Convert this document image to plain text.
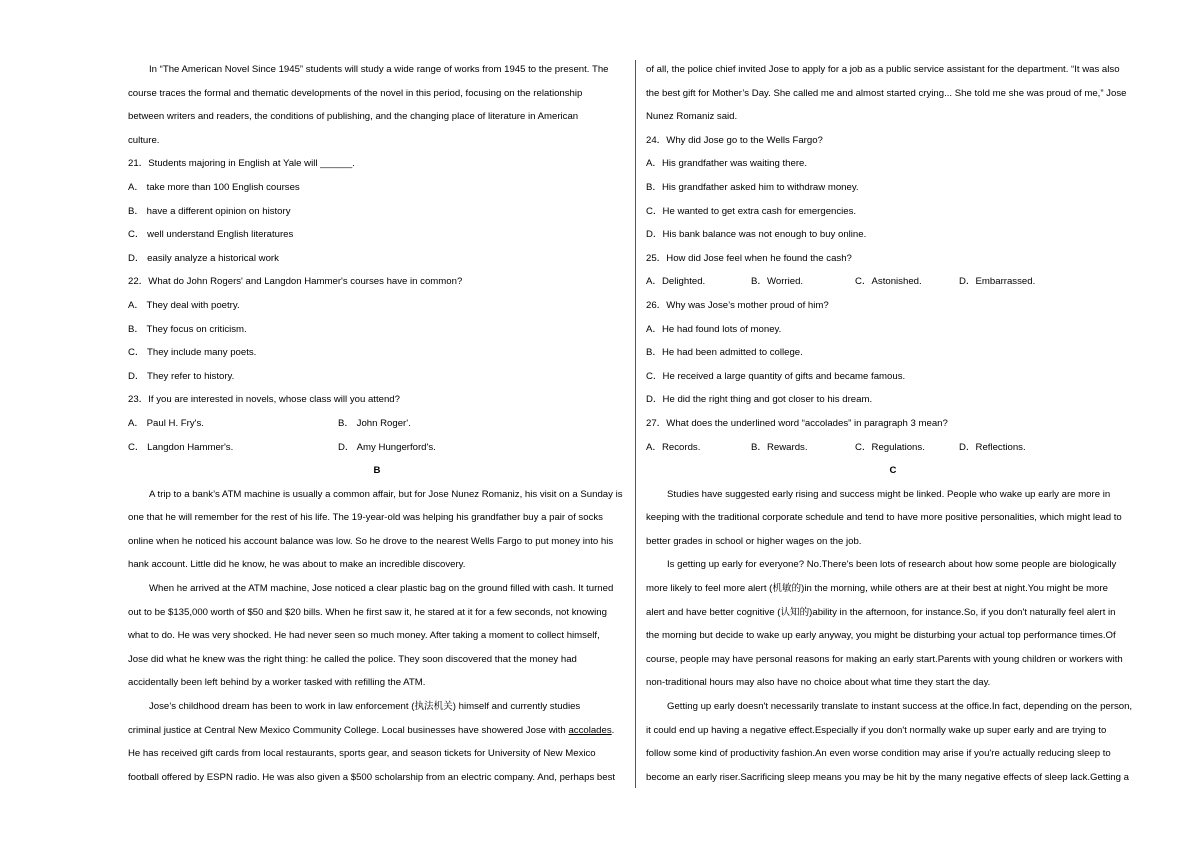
In “The American Novel Since 1945” students will study a wide range of works from 1945 to the present. The
course traces the formal and thematic developments of the novel in this period, focusing on the relationship
between writers and readers, the conditions of publishing, and the changing place of literature in American
culture.
21．Students majoring in English at Yale will ______.
A． take more than 100 English courses
B． have a different opinion on history
C． well understand English literatures
D． easily analyze a historical work
22．What do John Rogers' and Langdon Hammer's courses have in common?
A． They deal with poetry.
B． They focus on criticism.
C． They include many poets.
D． They refer to history.
23．If you are interested in novels, whose class will you attend?
A． Paul H. Fry's.	B． John Roger'.
C． Langdon Hammer's.	D． Amy Hungerford's.
B
A trip to a bank’s ATM machine is usually a common affair, but for Jose Nunez Romaniz, his visit on a Sunday is
one that he will remember for the rest of his life. The 19-year-old was helping his grandfather buy a pair of socks
online when he noticed his account balance was low. So he drove to the nearest Wells Fargo to put money into his
hank account. Little did he know, he was about to make an incredible discovery.
When he arrived at the ATM machine, Jose noticed a clear plastic bag on the ground filled with cash. It turned
out to be $135,000 worth of $50 and $20 bills. When he first saw it, he stared at it for a few seconds, not knowing
what to do. He was very shocked. He had never seen so much money. After taking a moment to collect himself,
Jose did what he knew was the right thing: he called the police. They soon discovered that the money had
accidentally been left behind by a worker tasked with refilling the ATM.
Jose’s childhood dream has been to work in law enforcement (执法机关) himself and currently studies
criminal justice at Central New Mexico Community College. Local businesses have showered Jose with accolades.
He has received gift cards from local restaurants, sports gear, and season tickets for University of New Mexico
football offered by ESPN radio. He was also given a $500 scholarship from an electric company. And, perhaps best
of all, the police chief invited Jose to apply for a job as a public service assistant for the department. “It was also
the best gift for Mother’s Day. She called me and almost started crying... She told me she was proud of me,” Jose
Nunez Romaniz said.
24．Why did Jose go to the Wells Fargo?
A．His grandfather was waiting there.
B．His grandfather asked him to withdraw money.
C．He wanted to get extra cash for emergencies.
D．His bank balance was not enough to buy online.
25．How did Jose feel when he found the cash?
A．Delighted.	B．Worried.	C．Astonished.	D．Embarrassed.
26．Why was Jose’s mother proud of him?
A．He had found lots of money.
B．He had been admitted to college.
C．He received a large quantity of gifts and became famous.
D．He did the right thing and got closer to his dream.
27．What does the underlined word “accolades” in paragraph 3 mean?
A．Records.	B．Rewards.	C．Regulations.	D．Reflections.
C
Studies have suggested early rising and success might be linked. People who wake up early are more in
keeping with the traditional corporate schedule and tend to have more positive personalities, which might lead to
better grades in school or higher wages on the job.
Is getting up early for everyone? No.There's been lots of research about how some people are biologically
more likely to feel more alert (机敏的)in the morning, while others are at their best at night.You might be more
alert and have better cognitive (认知的)ability in the afternoon, for instance.So, if you don't naturally feel alert in
the morning but decide to wake up early anyway, you might be disturbing your actual top performance times.Of
course, people may have personal reasons for making an early start.Parents with young children or workers with
non-traditional hours may also have no choice about what time they start the day.
Getting up early doesn't necessarily translate to instant success at the office.In fact, depending on the person,
it could end up having a negative effect.Especially if you don't normally wake up super early and are trying to
follow some kind of productivity fashion.An even worse condition may arise if you're actually reducing sleep to
become an early riser.Sacrificing sleep means you may be hit by the many negative effects of sleep lack.Getting a
